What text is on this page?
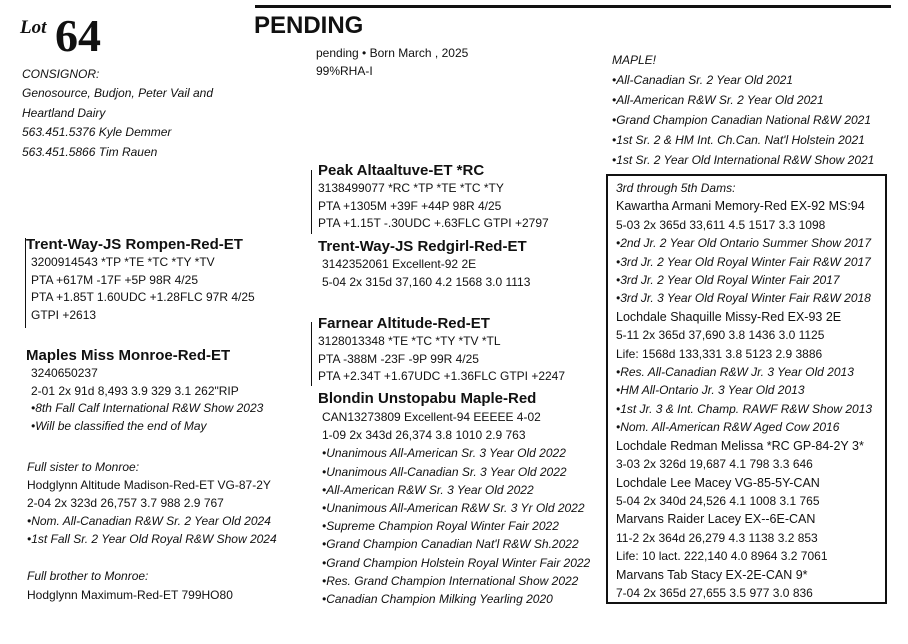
Lot 64	PENDING
CONSIGNOR:
Genosource, Budjon, Peter Vail and
Heartland Dairy
563.451.5376 Kyle Demmer
563.451.5866 Tim Rauen
pending • Born March , 2025
99%RHA-I
MAPLE!
•All-Canadian Sr. 2 Year Old 2021
•All-American R&W Sr. 2 Year Old 2021
•Grand Champion Canadian National R&W 2021
•1st Sr. 2 & HM Int. Ch.Can. Nat'l Holstein 2021
•1st Sr. 2 Year Old International R&W Show 2021
Trent-Way-JS Rompen-Red-ET
3200914543 *TP *TE *TC *TY *TV
PTA +617M -17F +5P 98R 4/25
PTA +1.85T 1.60UDC +1.28FLC 97R 4/25
GTPI +2613
Maples Miss Monroe-Red-ET
3240650237
2-01 2x 91d 8,493 3.9 329 3.1 262"RIP
•8th Fall Calf International R&W Show 2023
•Will be classified the end of May
Full sister to Monroe:
Hodglynn Altitude Madison-Red-ET VG-87-2Y
2-04 2x 323d 26,757 3.7 988 2.9 767
•Nom. All-Canadian R&W Sr. 2 Year Old 2024
•1st Fall Sr. 2 Year Old Royal R&W Show 2024
Full brother to Monroe:
Hodglynn Maximum-Red-ET 799HO80
Peak Altaaltuve-ET *RC
3138499077 *RC *TP *TE *TC *TY
PTA +1305M +39F +44P 98R 4/25
PTA +1.15T -.30UDC +.63FLC GTPI +2797
Trent-Way-JS Redgirl-Red-ET
3142352061 Excellent-92 2E
5-04 2x 315d 37,160 4.2 1568 3.0 1113
Farnear Altitude-Red-ET
3128013348 *TE *TC *TY *TV *TL
PTA -388M -23F -9P 99R 4/25
PTA +2.34T +1.67UDC +1.36FLC GTPI +2247
Blondin Unstopabu Maple-Red
CAN13273809 Excellent-94 EEEEE 4-02
1-09 2x 343d 26,374 3.8 1010 2.9 763
•Unanimous All-American Sr. 3 Year Old 2022
•Unanimous All-Canadian Sr. 3 Year Old 2022
•All-American R&W Sr. 3 Year Old 2022
•Unanimous All-American R&W Sr. 3 Yr Old 2022
•Supreme Champion Royal Winter Fair 2022
•Grand Champion Canadian Nat'l R&W Sh.2022
•Grand Champion Holstein Royal Winter Fair 2022
•Res. Grand Champion International Show 2022
•Canadian Champion Milking Yearling 2020
3rd through 5th Dams:
Kawartha Armani Memory-Red EX-92 MS:94
5-03 2x 365d 33,611 4.5 1517 3.3 1098
•2nd Jr. 2 Year Old Ontario Summer Show 2017
•3rd Jr. 2 Year Old Royal Winter Fair R&W 2017
•3rd Jr. 2 Year Old Royal Winter Fair 2017
•3rd Jr. 3 Year Old Royal Winter Fair R&W 2018
Lochdale Shaquille Missy-Red EX-93 2E
5-11 2x 365d 37,690 3.8 1436 3.0 1125
Life: 1568d 133,331 3.8 5123 2.9 3886
•Res. All-Canadian R&W Jr. 3 Year Old 2013
•HM All-Ontario Jr. 3 Year Old 2013
•1st Jr. 3 & Int. Champ. RAWF R&W Show 2013
•Nom. All-American R&W Aged Cow 2016
Lochdale Redman Melissa *RC GP-84-2Y 3*
3-03 2x 326d 19,687 4.1 798 3.3 646
Lochdale Lee Macey VG-85-5Y-CAN
5-04 2x 340d 24,526 4.1 1008 3.1 765
Marvans Raider Lacey EX--6E-CAN
11-2 2x 364d 26,279 4.3 1138 3.2 853
Life: 10 lact. 222,140 4.0 8964 3.2 7061
Marvans Tab Stacy EX-2E-CAN 9*
7-04 2x 365d 27,655 3.5 977 3.0 836
